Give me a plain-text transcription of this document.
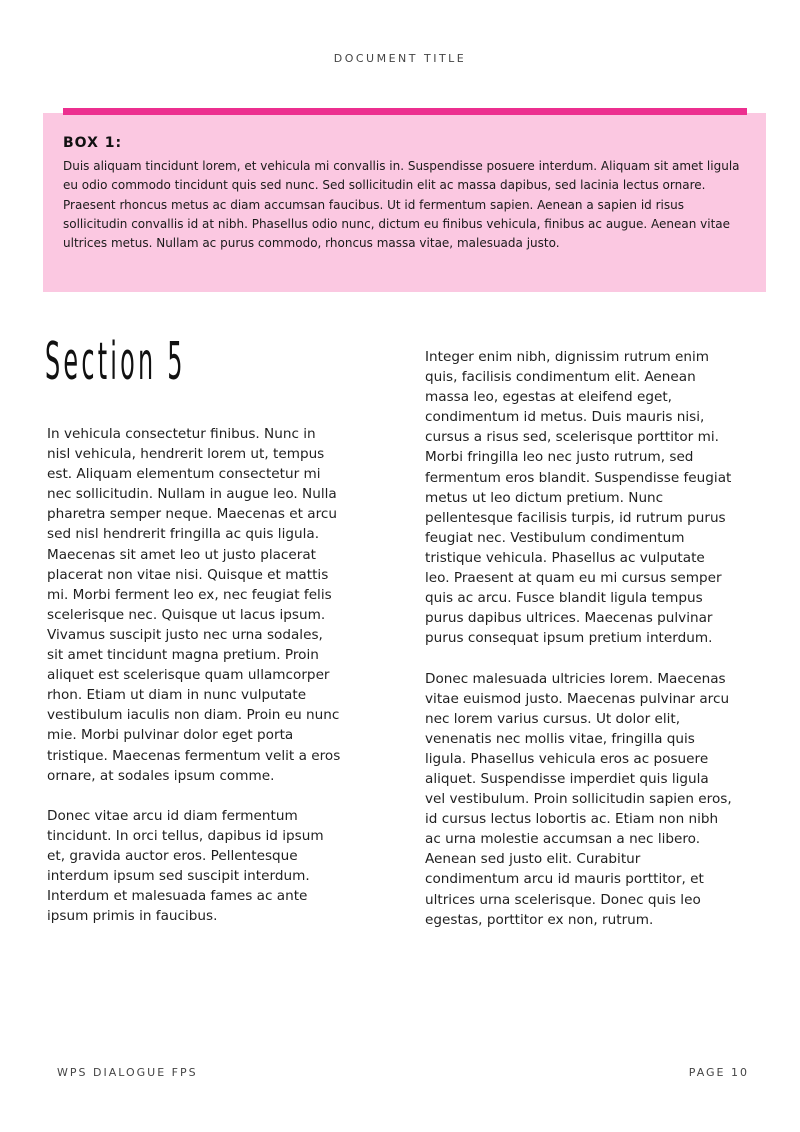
DOCUMENT TITLE
BOX 1:
Duis aliquam tincidunt lorem, et vehicula mi convallis in. Suspendisse posuere interdum. Aliquam sit amet ligula eu odio commodo tincidunt quis sed nunc. Sed sollicitudin elit ac massa dapibus, sed lacinia lectus ornare. Praesent rhoncus metus ac diam accumsan faucibus. Ut id fermentum sapien. Aenean a sapien id risus sollicitudin convallis id at nibh. Phasellus odio nunc, dictum eu finibus vehicula, finibus ac augue. Aenean vitae ultrices metus. Nullam ac purus commodo, rhoncus massa vitae, malesuada justo.
Section 5

In vehicula consectetur finibus. Nunc in nisl vehicula, hendrerit lorem ut, tempus est. Aliquam elementum consectetur mi nec sollicitudin. Nullam in augue leo. Nulla pharetra semper neque. Maecenas et arcu sed nisl hendrerit fringilla ac quis ligula. Maecenas sit amet leo ut justo placerat placerat non vitae nisi. Quisque et mattis mi. Morbi ferment leo ex, nec feugiat felis scelerisque nec. Quisque ut lacus ipsum. Vivamus suscipit justo nec urna sodales, sit amet tincidunt magna pretium. Proin aliquet est scelerisque quam ullamcorper rhon. Etiam ut diam in nunc vulputate vestibulum iaculis non diam. Proin eu nunc mie. Morbi pulvinar dolor eget porta tristique. Maecenas fermentum velit a eros ornare, at sodales ipsum comme.

Donec vitae arcu id diam fermentum tincidunt. In orci tellus, dapibus id ipsum et, gravida auctor eros. Pellentesque interdum ipsum sed suscipit interdum. Interdum et malesuada fames ac ante ipsum primis in faucibus.

Integer enim nibh, dignissim rutrum enim quis, facilisis condimentum elit. Aenean massa leo, egestas at eleifend eget, condimentum id metus. Duis mauris nisi, cursus a risus sed, scelerisque porttitor mi. Morbi fringilla leo nec justo rutrum, sed fermentum eros blandit. Suspendisse feugiat metus ut leo dictum pretium. Nunc pellentesque facilisis turpis, id rutrum purus feugiat nec. Vestibulum condimentum tristique vehicula. Phasellus ac vulputate leo. Praesent at quam eu mi cursus semper quis ac arcu. Fusce blandit ligula tempus purus dapibus ultrices. Maecenas pulvinar purus consequat ipsum pretium interdum.

Donec malesuada ultricies lorem. Maecenas vitae euismod justo. Maecenas pulvinar arcu nec lorem varius cursus. Ut dolor elit, venenatis nec mollis vitae, fringilla quis ligula. Phasellus vehicula eros ac posuere aliquet. Suspendisse imperdiet quis ligula vel vestibulum. Proin sollicitudin sapien eros, id cursus lectus lobortis ac. Etiam non nibh ac urna molestie accumsan a nec libero. Aenean sed justo elit. Curabitur condimentum arcu id mauris porttitor, et ultrices urna scelerisque. Donec quis leo egestas, porttitor ex non, rutrum.

WPS DIALOGUE FPS	PAGE 10
